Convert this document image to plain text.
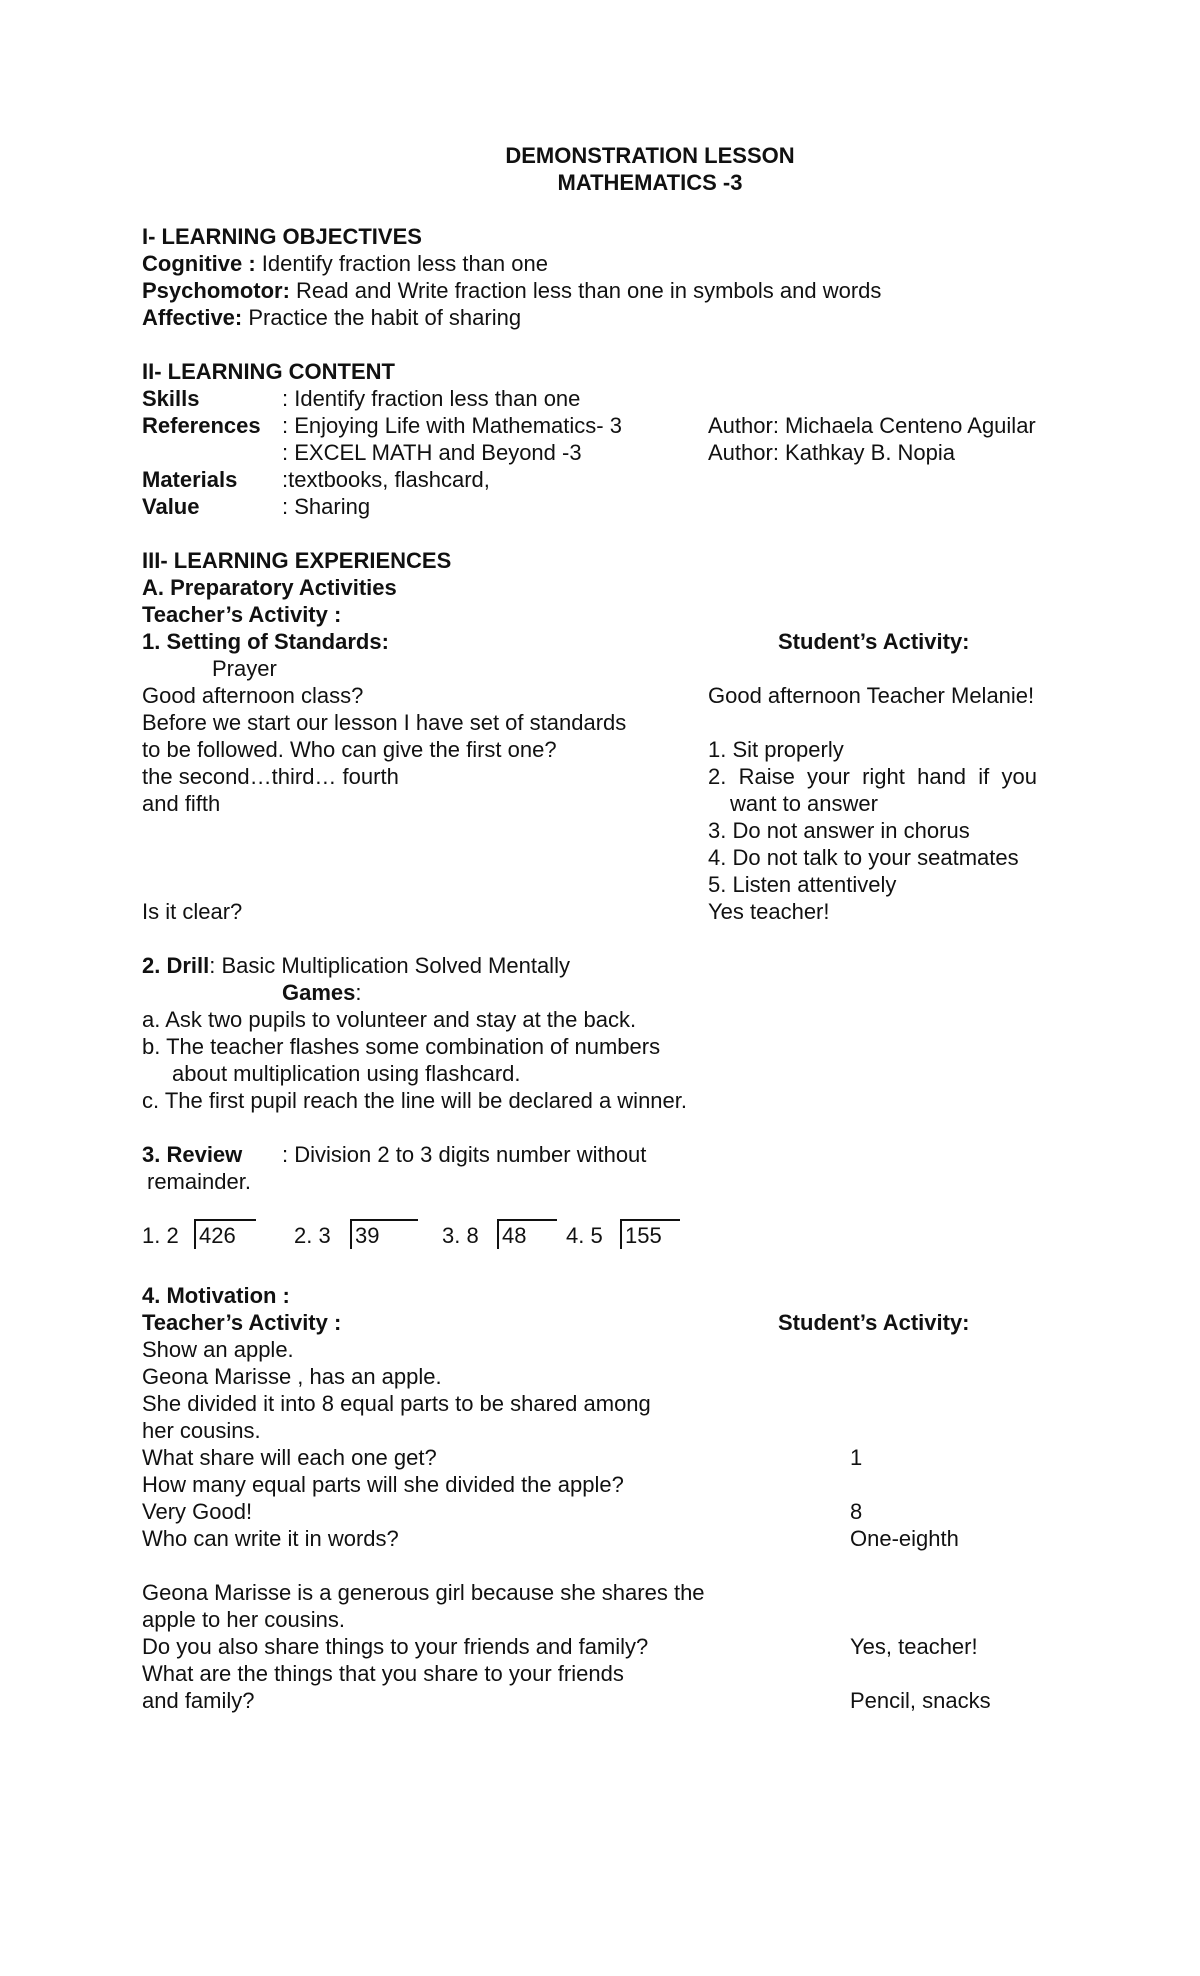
DEMONSTRATION LESSON
MATHEMATICS -3
I- LEARNING OBJECTIVES
Cognitive : Identify fraction less than one
Psychomotor: Read and Write fraction less than one in symbols and words
Affective: Practice the habit of sharing
II- LEARNING CONTENT
Skills	: Identify fraction less than one
References : Enjoying Life with Mathematics- 3	Author: Michaela Centeno Aguilar
: EXCEL MATH and Beyond -3	Author: Kathkay B. Nopia
Materials :textbooks, flashcard,
Value	: Sharing
III- LEARNING EXPERIENCES
A. Preparatory Activities
Teacher’s Activity :
1. Setting of Standards:	Student’s Activity:
Prayer
Good afternoon class?	Good afternoon Teacher Melanie!
Before we start our lesson I have set of standards
to be followed. Who can give the first one?	1. Sit properly
the second…third… fourth	2.  Raise  your  right  hand  if  you
and fifth	want to answer
3. Do not answer in chorus
4. Do not talk to your seatmates
5. Listen attentively
Is it clear?	Yes teacher!
2. Drill: Basic Multiplication Solved Mentally
Games:
a. Ask two pupils to volunteer and stay at the back.
b. The teacher flashes some combination of numbers
about multiplication using flashcard.
c. The first pupil reach the line will be declared a winner.
3. Review : Division 2 to 3 digits number without
remainder.
1. 2 426	2. 3 39	3. 8 48	4. 5 155
4. Motivation :
Teacher’s Activity :	Student’s Activity:
Show an apple.
Geona Marisse , has an apple.
She divided it into 8 equal parts to be shared among
her cousins.
What share will each one get?	1
How many equal parts will she divided the apple?
Very Good!	8
Who can write it in words?	One-eighth
Geona Marisse is a generous girl because she shares the
apple to her cousins.
Do you also share things to your friends and family?	Yes, teacher!
What are the things that you share to your friends
and family?	Pencil, snacks
